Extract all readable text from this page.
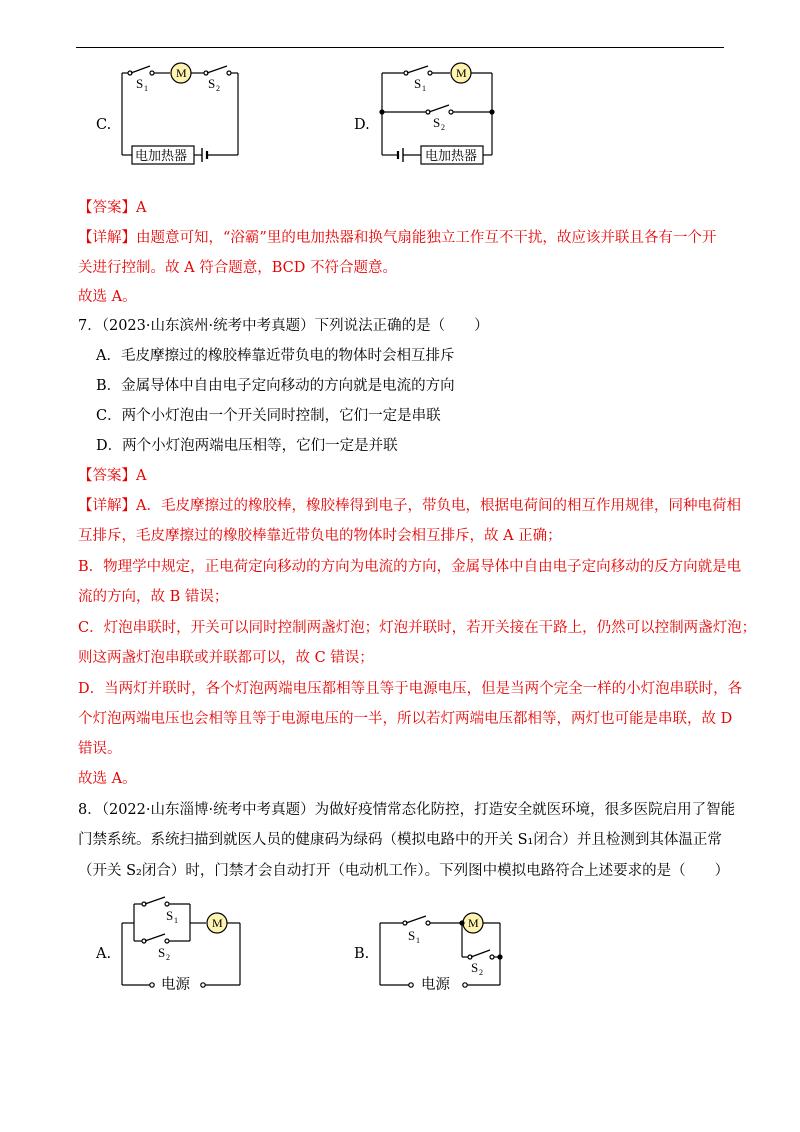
C.	D.
M
S 1	S 2
电加热器
M
S 1
S 2
电加热器
M
S 1
S 2
M
S 1
S 2
【答案】A
【详解】由题意可知，“浴霸”里的电加热器和换气扇能独立工作互不干扰，故应该并联且各有一个开
关进行控制。故 A 符合题意，BCD 不符合题意。
故选 A。
7．（2023·山东滨州·统考中考真题）下列说法正确的是（　　）
A．毛皮摩擦过的橡胶棒靠近带负电的物体时会相互排斥
B．金属导体中自由电子定向移动的方向就是电流的方向
C．两个小灯泡由一个开关同时控制，它们一定是串联
D．两个小灯泡两端电压相等，它们一定是并联
【答案】A
【详解】A．毛皮摩擦过的橡胶棒，橡胶棒得到电子，带负电，根据电荷间的相互作用规律，同种电荷相
互排斥，毛皮摩擦过的橡胶棒靠近带负电的物体时会相互排斥，故 A 正确；
B．物理学中规定，正电荷定向移动的方向为电流的方向，金属导体中自由电子定向移动的反方向就是电
流的方向，故 B 错误；
C．灯泡串联时，开关可以同时控制两盏灯泡；灯泡并联时，若开关接在干路上，仍然可以控制两盏灯泡；
则这两盏灯泡串联或并联都可以，故 C 错误；
D．当两灯并联时，各个灯泡两端电压都相等且等于电源电压，但是当两个完全一样的小灯泡串联时，各
个灯泡两端电压也会相等且等于电源电压的一半，所以若灯两端电压都相等，两灯也可能是串联，故 D
错误。
故选 A。
8．（2022·山东淄博·统考中考真题）为做好疫情常态化防控，打造安全就医环境，很多医院启用了智能
门禁系统。系统扫描到就医人员的健康码为绿码（模拟电路中的开关 S₁闭合）并且检测到其体温正常
（开关 S₂闭合）时，门禁才会自动打开（电动机工作）。下列图中模拟电路符合上述要求的是（　　）
A.	B.
电源	电源
